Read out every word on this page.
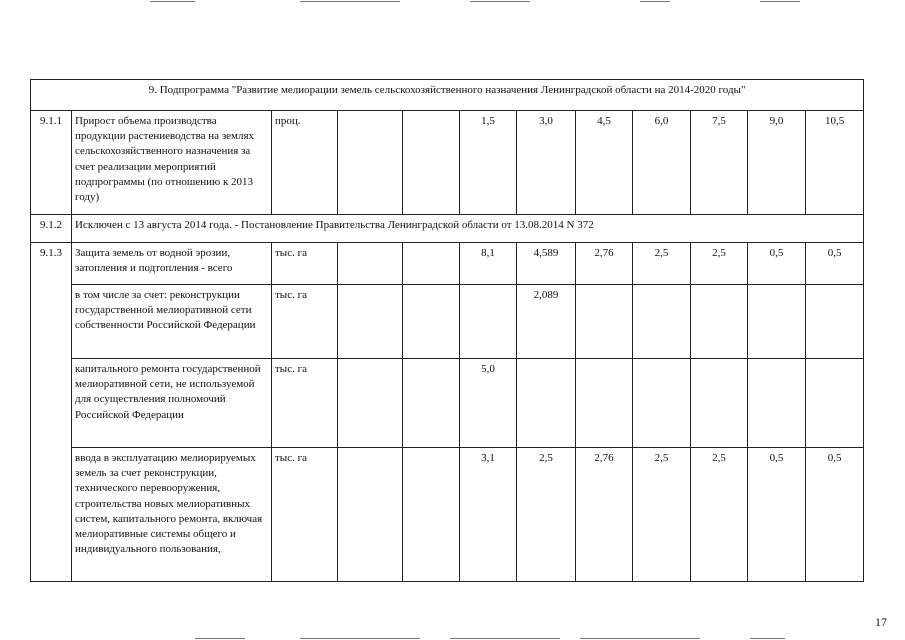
9. Подпрограмма "Развитие мелиорации земель сельскохозяйственного назначения Ленинградской области на 2014-2020 годы"											
9.1.1	Прирост объема производства продукции растениеводства на землях сельскохозяйственного назначения за счет реализации мероприятий подпрограммы (по отношению к 2013 году)	проц.			1,5	3,0	4,5	6,0	7,5	9,0	10,5
9.1.2	Исключен с 13 августа 2014 года. - Постановление Правительства Ленинградской области от 13.08.2014 N 372										
9.1.3	Защита земель от водной эрозии, затопления и подтопления - всего	тыс. га			8,1	4,589	2,76	2,5	2,5	0,5	0,5
	в том числе за счет: реконструкции государственной мелиоративной сети собственности Российской Федерации	тыс. га				2,089					
	капитального ремонта государственной мелиоративной сети, не используемой для осуществления полномочий Российской Федерации	тыс. га			5,0						
	ввода в эксплуатацию мелиорируемых земель за счет реконструкции, технического перевооружения, строительства новых мелиоративных систем, капитального ремонта, включая мелиоративные системы общего и индивидуального пользования,	тыс. га			3,1	2,5	2,76	2,5	2,5	0,5	0,5
17
